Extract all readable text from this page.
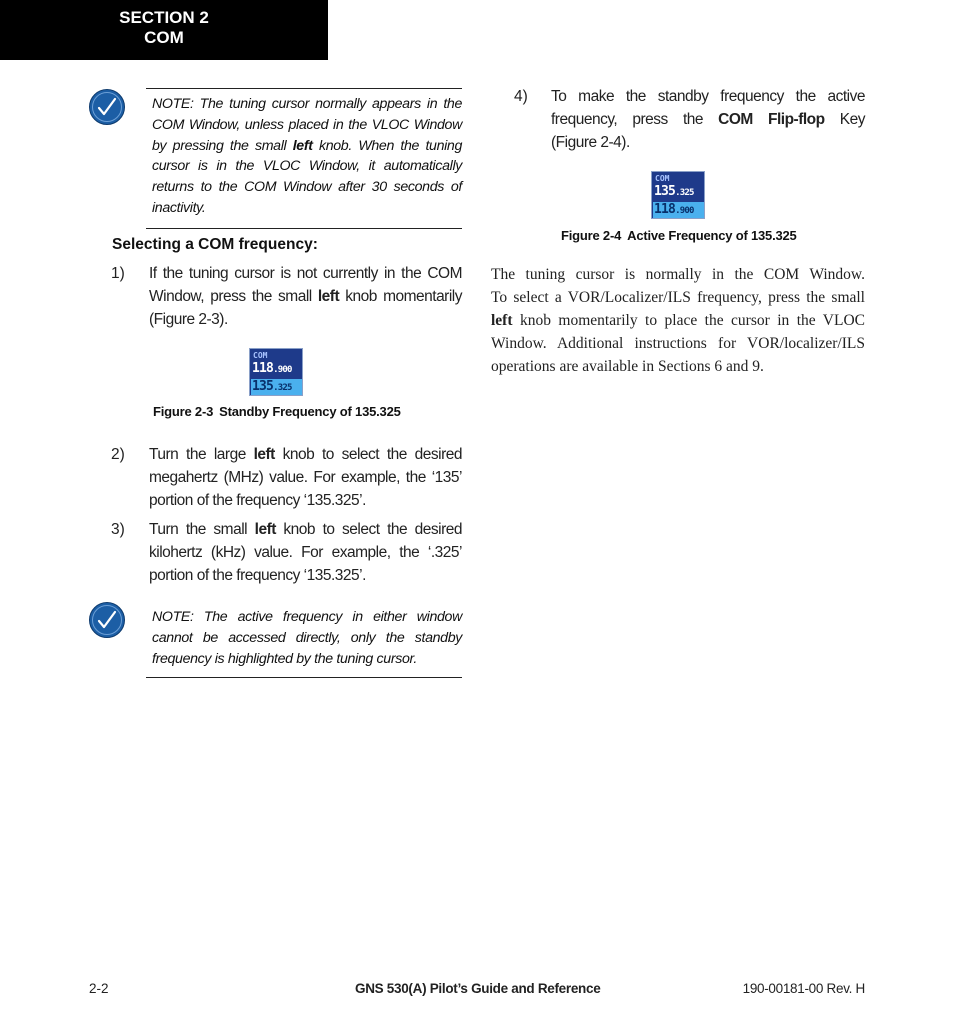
SECTION 2
COM
NOTE: The tuning cursor normally appears in the
COM Window, unless placed in the VLOC Window
by pressing the small left knob. When the tuning
cursor is in the VLOC Window, it automatically
returns to the COM Window after 30 seconds of
inactivity.
Selecting a COM frequency:
1) If the tuning cursor is not currently in the COM
Window, press the small left knob momentarily
(Figure 2-3).
COM
118.900
135.325
Figure 2-3 Standby Frequency of 135.325
2) Turn the large left knob to select the desired
megahertz (MHz) value. For example, the ‘135’
portion of the frequency ‘135.325’.
3) Turn the small left knob to select the desired
kilohertz (kHz) value. For example, the ‘.325’
portion of the frequency ‘135.325’.
NOTE: The active frequency in either window
cannot be accessed directly, only the standby
frequency is highlighted by the tuning cursor.
4) To make the standby frequency the active
frequency, press the COM Flip-flop Key
(Figure 2-4).
COM
135.325
118.900
Figure 2-4 Active Frequency of 135.325
The tuning cursor is normally in the COM Window.
To select a VOR/Localizer/ILS frequency, press the small
left knob momentarily to place the cursor in the VLOC
Window. Additional instructions for VOR/localizer/ILS
operations are available in Sections 6 and 9.
2-2	GNS 530(A) Pilot’s Guide and Reference	190-00181-00 Rev. H
